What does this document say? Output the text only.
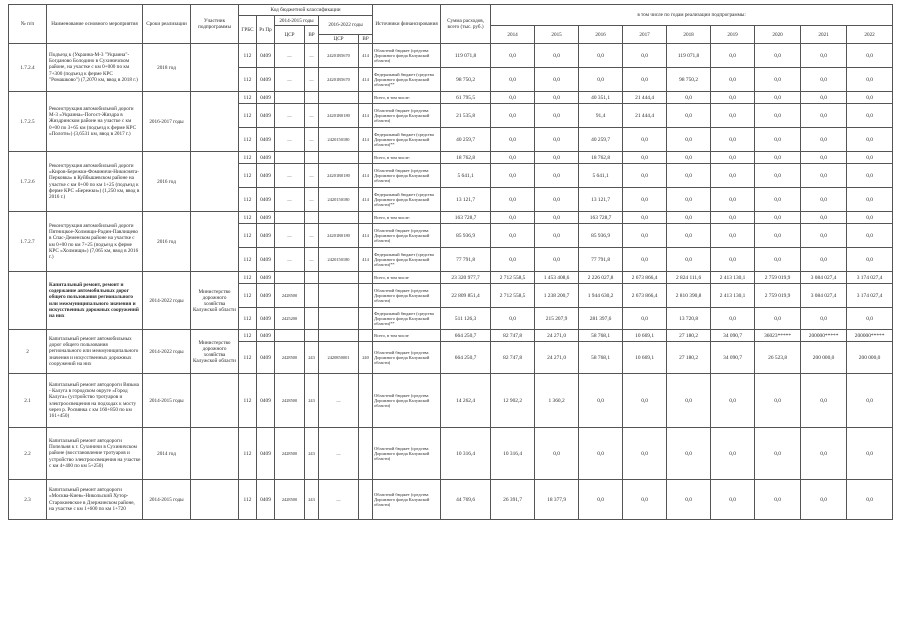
№ п/п	Наименование основного мероприятия	Сроки реализации	Участник подпрограммы	Код бюджетной классификации						Источники финансирования	Сумма расходов, всего (тыс. руб.)	в том числе по годам реализации подпрограммы:								
				ГРБС	Рз Пр	2014-2015 годы		2016-2022 годы												
						ЦСР	ВР					2014	2015	2016	2017	2018	2019	2020	2021	2022
								ЦСР	ВР											
1.7.2.4	Подъезд к (Украина-М-3 "Украина"- Богданово Болодино в Сухиничском районе, на участке с км 0+000 по км 7+300 (подъезд к ферме КРС "Ромашково") (7,2070 км, ввод в 2018 г.)	2018 год		112	0409	—	—	24201R5670	414	Областной бюджет (средства Дорожного фонда Калужской области)	119 071,8	0,0	0,0	0,0	0,0	119 071,8	0,0	0,0	0,0	0,0
				112	0409	—	—	24201R5670	414	Федеральный бюджет (средства Дорожного фонда Калужской области)**	98 750,2	0,0	0,0	0,0	0,0	98 750,2	0,0	0,0	0,0	0,0
1.7.2.5	Реконструкция автомобильной дороги М-3 «Украина»-Погост-Жиздра в Жиздринском районе на участке с км 0+00 по 3+65 км (подъезд к ферме КРС «Полоти») (3,6531 км, ввод в 2017 г.)	2016-2017 годы		112	0409					Всего, в том числе:	61 795,5	0,0	0,0	40 351,1	21 444,4	0,0	0,0	0,0	0,0	0,0
				112	0409	—	—	24201R0180	414	Областной бюджет (средства Дорожного фонда Калужской области)	21 535,8	0,0	0,0	91,4	21 444,4	0,0	0,0	0,0	0,0	0,0
				112	0409	—	—	2420150180	414	Федеральный бюджет (средства Дорожного фонда Калужской области)**	40 259,7	0,0	0,0	40 259,7	0,0	0,0	0,0	0,0	0,0	0,0
1.7.2.6	Реконструкция автомобильной дороги «Киров-Бережки-Фоминичи-Никиснята-Перковка» в Куйбышевском районе на участке с км 0+00 по км 1+25 (подъезд к ферме КРС «Бережки») (1,250 км, ввод в 2016 г.)	2016 год		112	0409					Всего, в том числе:	18 762,8	0,0	0,0	18 762,8	0,0	0,0	0,0	0,0	0,0	0,0
				112	0409	—	—	24201R0180	414	Областной бюджет (средства Дорожного фонда Калужской области)	5 641,1	0,0	0,0	5 641,1	0,0	0,0	0,0	0,0	0,0	0,0
				112	0409	—	—	2420150180	414	Федеральный бюджет (средства Дорожного фонда Калужской области)**	13 121,7	0,0	0,0	13 121,7	0,0	0,0	0,0	0,0	0,0	0,0
1.7.2.7	Реконструкция автомобильной дороги Пятницкое-Холмищи-Радин-Павлищево в Спас-Деменском районе на участке с км 0+00 по км 7+25 (подъезд к ферме КРС «Холмищи») (7,065 км, ввод в 2016 г.)	2016 год		112	0409					Всего, в том числе:	163 728,7	0,0	0,0	163 728,7	0,0	0,0	0,0	0,0	0,0	0,0
				112	0409	—	—	24201R0180	414	Областной бюджет (средства Дорожного фонда Калужской области)	85 936,9	0,0	0,0	85 936,9	0,0	0,0	0,0	0,0	0,0	0,0
				112	0409	—	—	2420150180	414	Федеральный бюджет (средства Дорожного фонда Калужской области)**	77 791,8	0,0	0,0	77 791,8	0,0	0,0	0,0	0,0	0,0	0,0
	Капитальный ремонт, ремонт и содержание автомобильных дорог общего пользования регионального или межмуниципального значения и искусственных дорожных сооружений на них	2014-2022 годы	Министерство дорожного хозяйства Калужской области	112	0409					Всего, в том числе	23 320 977,7	2 712 558,5	1 453 408,6	2 226 027,8	2 673 866,4	2 824 111,6	2 413 130,1	2 759 019,9	3 084 027,4	3 174 027,4
				112	0409	2428500				Областной бюджет (средства Дорожного фонда Калужской области)	22 809 851,4	2 712 558,5	1 238 200,7	1 944 630,2	2 673 866,4	2 810 390,8	2 413 130,1	2 759 019,9	3 084 027,4	3 174 027,4
				112	0409	2425200				Федеральный бюджет (средства Дорожного фонда Калужской области)**	511 126,3	0,0	215 207,9	281 397,6	0,0	13 720,8	0,0	0,0	0,0	0,0
2	Капитальный ремонт автомобильных дорог общего пользования регионального или межмуниципального значения и искусственных дорожных сооружений на них	2014-2022 годы	Министерство дорожного хозяйства Калужской области	112	0409					Всего, в том числе	664 250,7	82 747,8	24 271,0	58 768,1	10 669,1	27 180,2	34 090,7	36023*****	200000*****	200000*****
				112	0409	2428500	243	2420850001	240	Областной бюджет (средства Дорожного фонда Калужской области)	664 250,7	82 747,8	24 271,0	58 768,1	10 669,1	27 180,2	34 090,7	26 523,8	200 000,0	200 000,0
2.1	Капитальный ремонт автодороги Вязьма - Калуга в городском округе «Город Калуга» (устройство тротуаров и электроосвещения на подходах к мосту через р. Росвянка с км 160+850 по км 161+450)	2014-2015 годы		112	0409	2428500	243	—		Областной бюджет (средства Дорожного фонда Калужской области)	14 262,4	12 902,2	1 360,2	0,0	0,0	0,0	0,0	0,0	0,0	0,0
2.2	Капитальный ремонт автодороги Попельня к г. Сухиничи в Сухиничском районе (восстановление тротуаров и устройство электроосвещения на участке с км 4+400 по км 5+250)	2014 год		112	0409	2428500	243	—		Областной бюджет (средства Дорожного фонда Калужской области)	10 316,4	10 316,4	0,0	0,0	0,0	0,0	0,0	0,0	0,0	0,0
2.3	Капитальный ремонт автодороги «Москва-Киев»-Никольский Хутор-Старокиевское в Дзержинском районе, на участке с км 1+600 по км 1+720	2014-2015 годы		112	0409	2428500	243	—		Областной бюджет (средства Дорожного фонда Калужской области)	44 769,6	26 391,7	18 377,9	0,0	0,0	0,0	0,0	0,0	0,0	0,0
